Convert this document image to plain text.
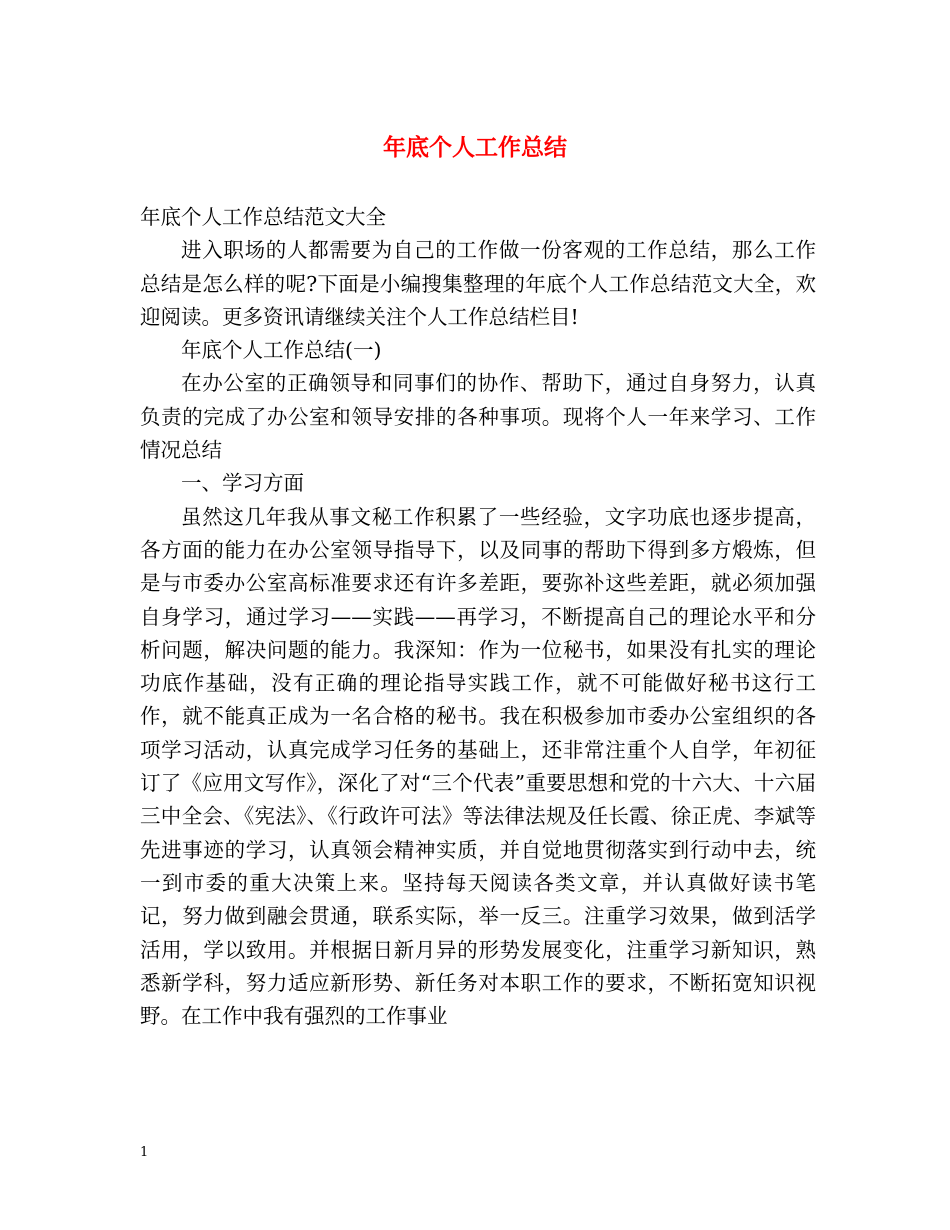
年底个人工作总结

年底个人工作总结范文大全

进入职场的人都需要为自己的工作做一份客观的工作总结，那么工作总结是怎么样的呢?下面是小编搜集整理的年底个人工作总结范文大全，欢迎阅读。更多资讯请继续关注个人工作总结栏目!

年底个人工作总结(一)

在办公室的正确领导和同事们的协作、帮助下，通过自身努力，认真负责的完成了办公室和领导安排的各种事项。现将个人一年来学习、工作情况总结

一、学习方面

虽然这几年我从事文秘工作积累了一些经验，文字功底也逐步提高，各方面的能力在办公室领导指导下，以及同事的帮助下得到多方煅炼，但是与市委办公室高标准要求还有许多差距，要弥补这些差距，就必须加强自身学习，通过学习——实践——再学习，不断提高自己的理论水平和分析问题，解决问题的能力。我深知：作为一位秘书，如果没有扎实的理论功底作基础，没有正确的理论指导实践工作，就不可能做好秘书这行工作，就不能真正成为一名合格的秘书。我在积极参加市委办公室组织的各项学习活动，认真完成学习任务的基础上，还非常注重个人自学，年初征订了《应用文写作》，深化了对“三个代表”重要思想和党的十六大、十六届三中全会、《宪法》、《行政许可法》等法律法规及任长霞、徐正虎、李斌等先进事迹的学习，认真领会精神实质，并自觉地贯彻落实到行动中去，统一到市委的重大决策上来。坚持每天阅读各类文章，并认真做好读书笔记，努力做到融会贯通，联系实际，举一反三。注重学习效果，做到活学活用，学以致用。并根据日新月异的形势发展变化，注重学习新知识，熟悉新学科，努力适应新形势、新任务对本职工作的要求，不断拓宽知识视野。在工作中我有强烈的工作事业

1
